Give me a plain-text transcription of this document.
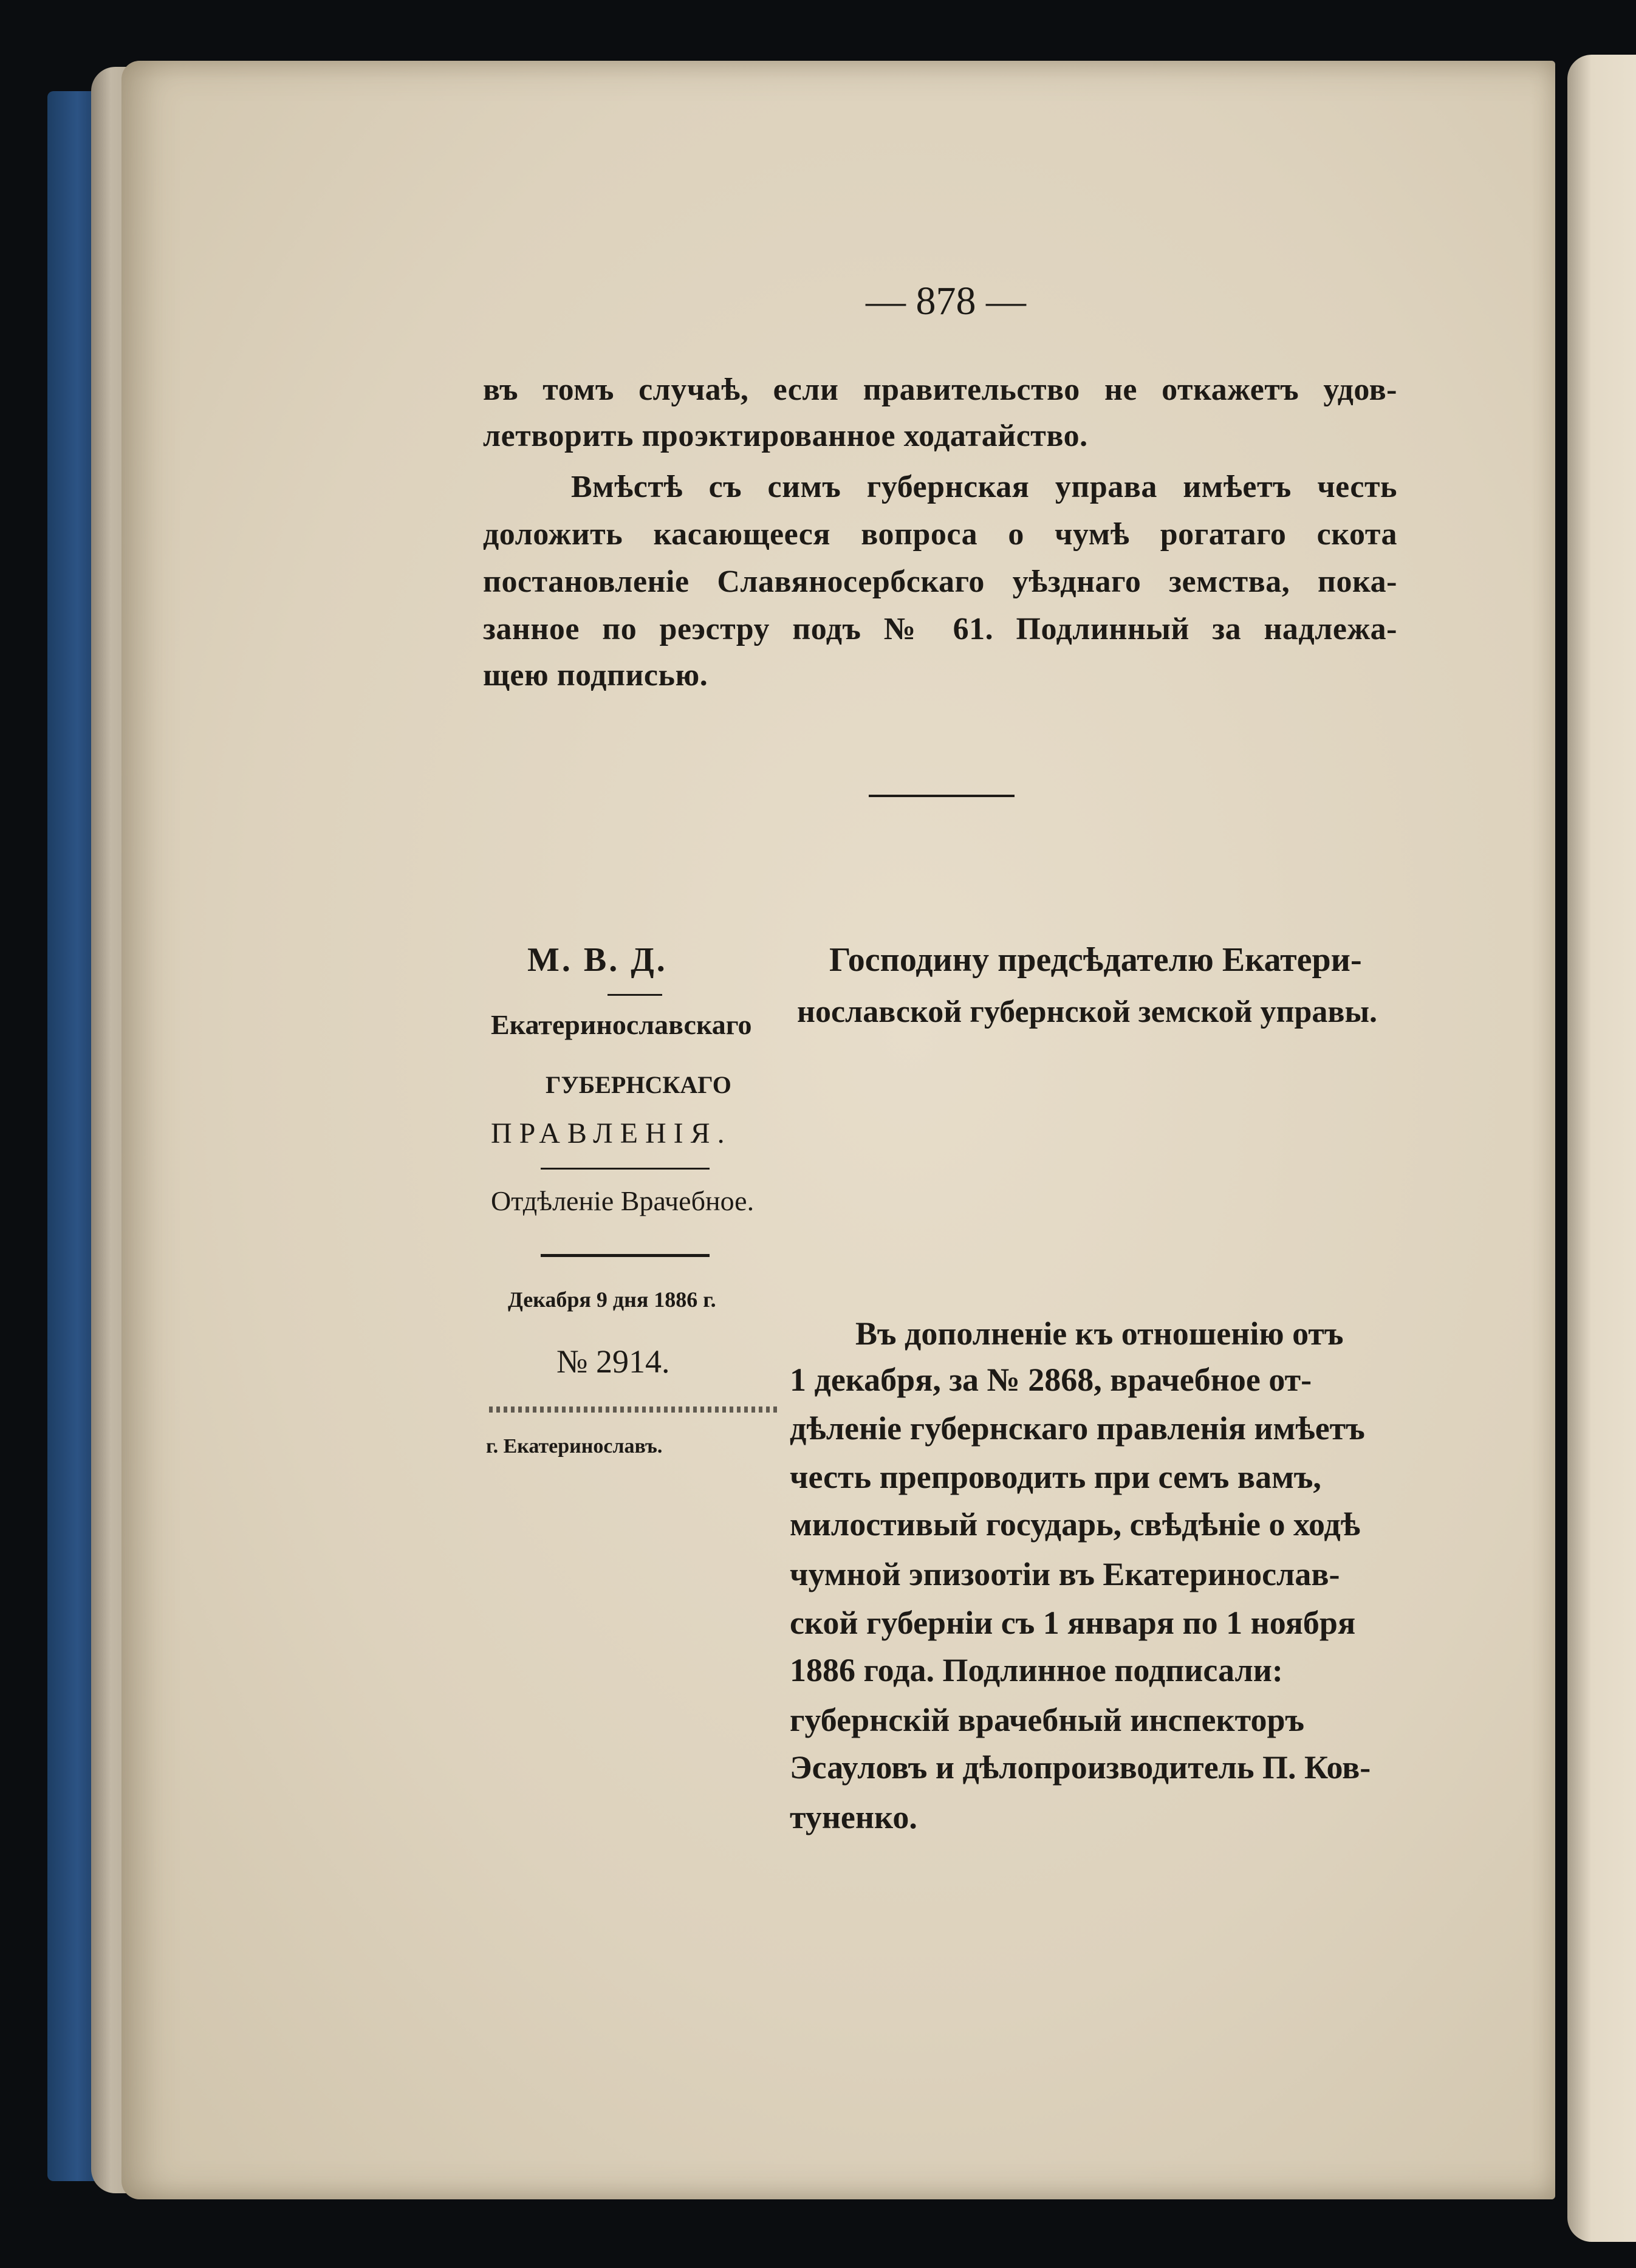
— 878 —
въ томъ случаѣ, если правительство не откажетъ удов-
летворить проэктированное ходатайство.
Вмѣстѣ съ симъ губернская управа имѣетъ честь
доложить касающееся вопроса о чумѣ рогатаго скота
постановленіе Славяносербскаго уѣзднаго земства, пока-
занное по реэстру подъ № 61. Подлинный за надлежа-
щею подписью.
М. В. Д.	Господину предсѣдателю Екатери-
нославской губернской земской управы.
Екатеринославскаго
ГУБЕРНСКАГО
ПРАВЛЕНІЯ.
Отдѣленіе Врачебное.
Декабря 9 дня 1886 г.
№ 2914.
г. Екатеринославъ.
Въ дополненіе къ отношенію отъ
1 декабря, за № 2868, врачебное от-
дѣленіе губернскаго правленія имѣетъ
честь препроводить при семъ вамъ,
милостивый государь, свѣдѣніе о ходѣ
чумной эпизоотіи въ Екатеринослав-
ской губерніи съ 1 января по 1 ноября
1886 года. Подлинное подписали:
губернскій врачебный инспекторъ
Эсауловъ и дѣлопроизводитель П. Ков-
туненко.
